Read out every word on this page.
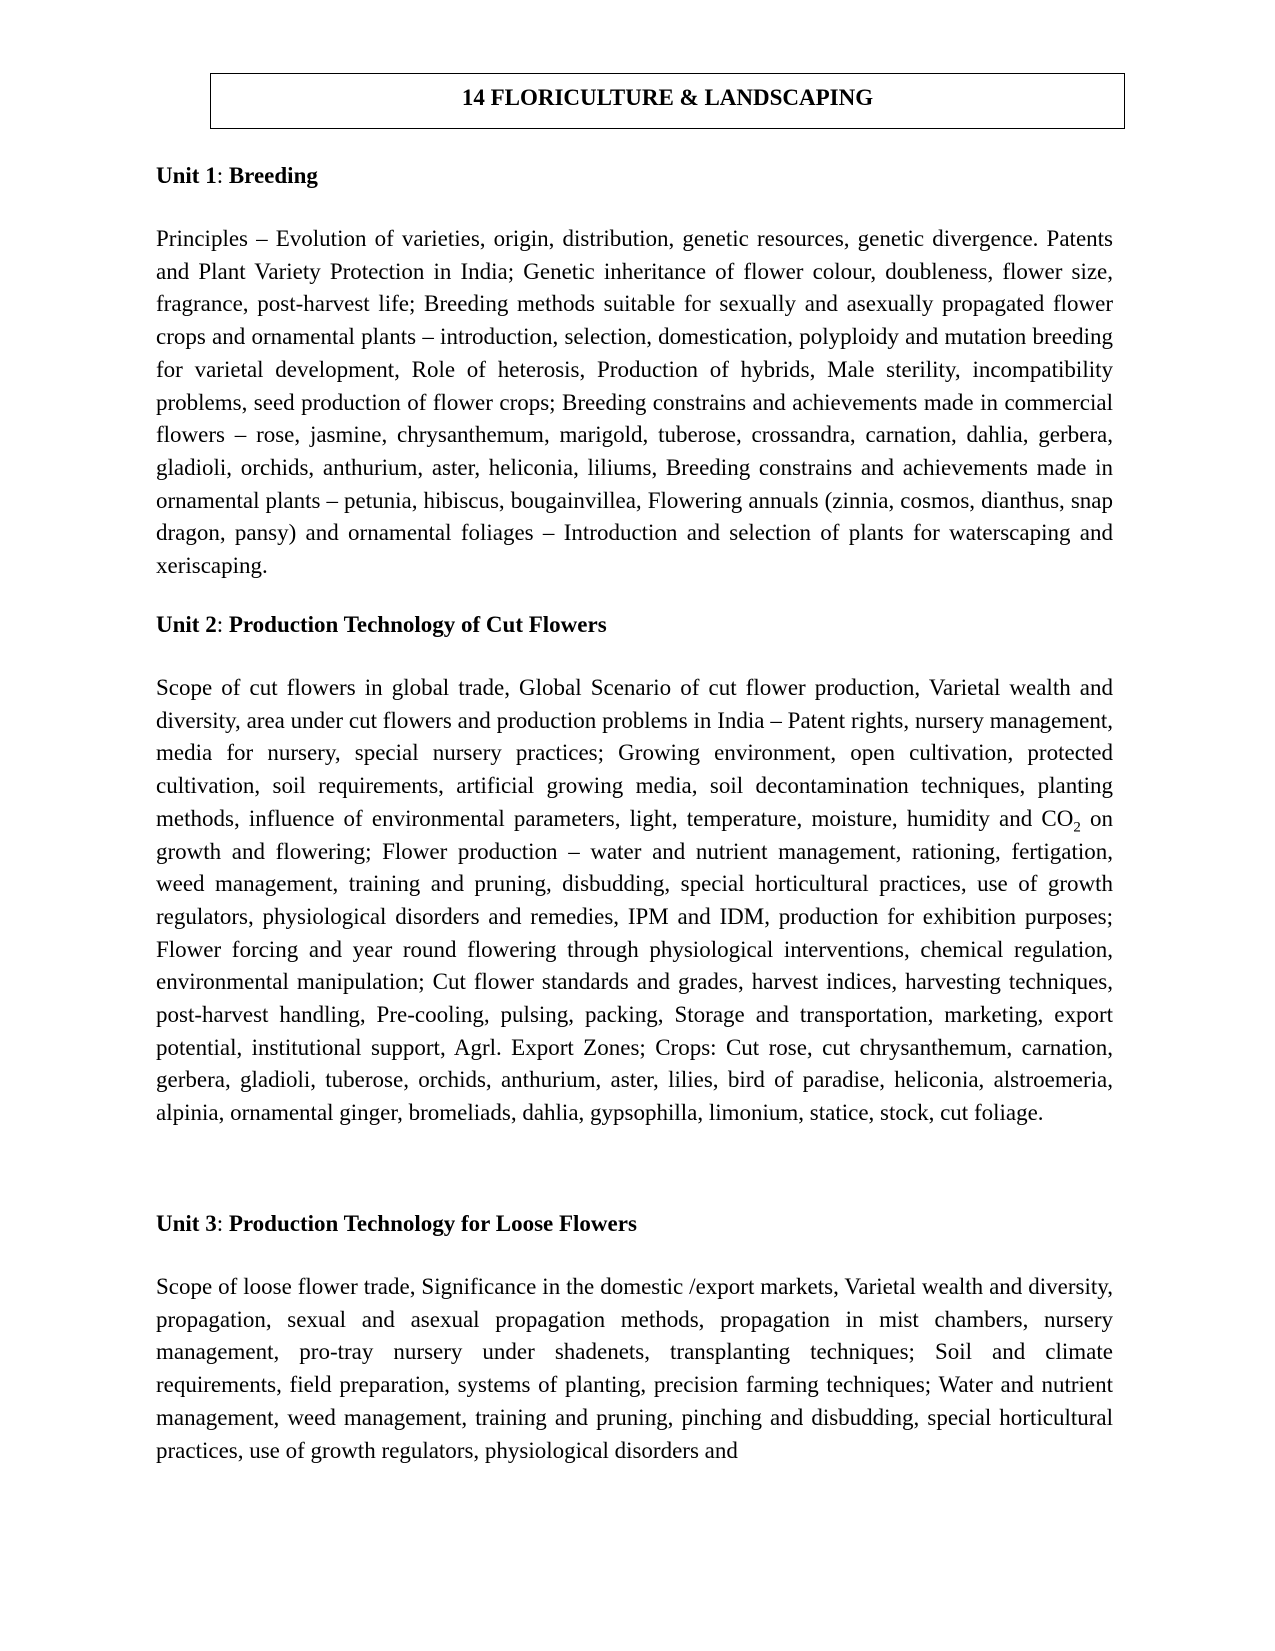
14 FLORICULTURE & LANDSCAPING
Unit 1: Breeding

Principles – Evolution of varieties, origin, distribution, genetic resources, genetic divergence. Patents and Plant Variety Protection in India; Genetic inheritance of flower colour, doubleness, flower size, fragrance, post-harvest life; Breeding methods suitable for sexually and asexually propagated flower crops and ornamental plants – introduction, selection, domestication, polyploidy and mutation breeding for varietal development, Role of heterosis, Production of hybrids, Male sterility, incompatibility problems, seed production of flower crops; Breeding constrains and achievements made in commercial flowers – rose, jasmine, chrysanthemum, marigold, tuberose, crossandra, carnation, dahlia, gerbera, gladioli, orchids, anthurium, aster, heliconia, liliums, Breeding constrains and achievements made in ornamental plants – petunia, hibiscus, bougainvillea, Flowering annuals (zinnia, cosmos, dianthus, snap dragon, pansy) and ornamental foliages – Introduction and selection of plants for waterscaping and xeriscaping.

Unit 2: Production Technology of Cut Flowers

Scope of cut flowers in global trade, Global Scenario of cut flower production, Varietal wealth and diversity, area under cut flowers and production problems in India – Patent rights, nursery management, media for nursery, special nursery practices; Growing environment, open cultivation, protected cultivation, soil requirements, artificial growing media, soil decontamination techniques, planting methods, influence of environmental parameters, light, temperature, moisture, humidity and $CO_2$ on growth and flowering; Flower production – water and nutrient management, rationing, fertigation, weed management, training and pruning, disbudding, special horticultural practices, use of growth regulators, physiological disorders and remedies, IPM and IDM, production for exhibition purposes; Flower forcing and year round flowering through physiological interventions, chemical regulation, environmental manipulation; Cut flower standards and grades, harvest indices, harvesting techniques, post-harvest handling, Pre-cooling, pulsing, packing, Storage and transportation, marketing, export potential, institutional support, Agrl. Export Zones; Crops: Cut rose, cut chrysanthemum, carnation, gerbera, gladioli, tuberose, orchids, anthurium, aster, lilies, bird of paradise, heliconia, alstroemeria, alpinia, ornamental ginger, bromeliads, dahlia, gypsophilla, limonium, statice, stock, cut foliage.

Unit 3: Production Technology for Loose Flowers

Scope of loose flower trade, Significance in the domestic /export markets, Varietal wealth and diversity, propagation, sexual and asexual propagation methods, propagation in mist chambers, nursery management, pro-tray nursery under shadenets, transplanting techniques; Soil and climate requirements, field preparation, systems of planting, precision farming techniques; Water and nutrient management, weed management, training and pruning, pinching and disbudding, special horticultural practices, use of growth regulators, physiological disorders and
